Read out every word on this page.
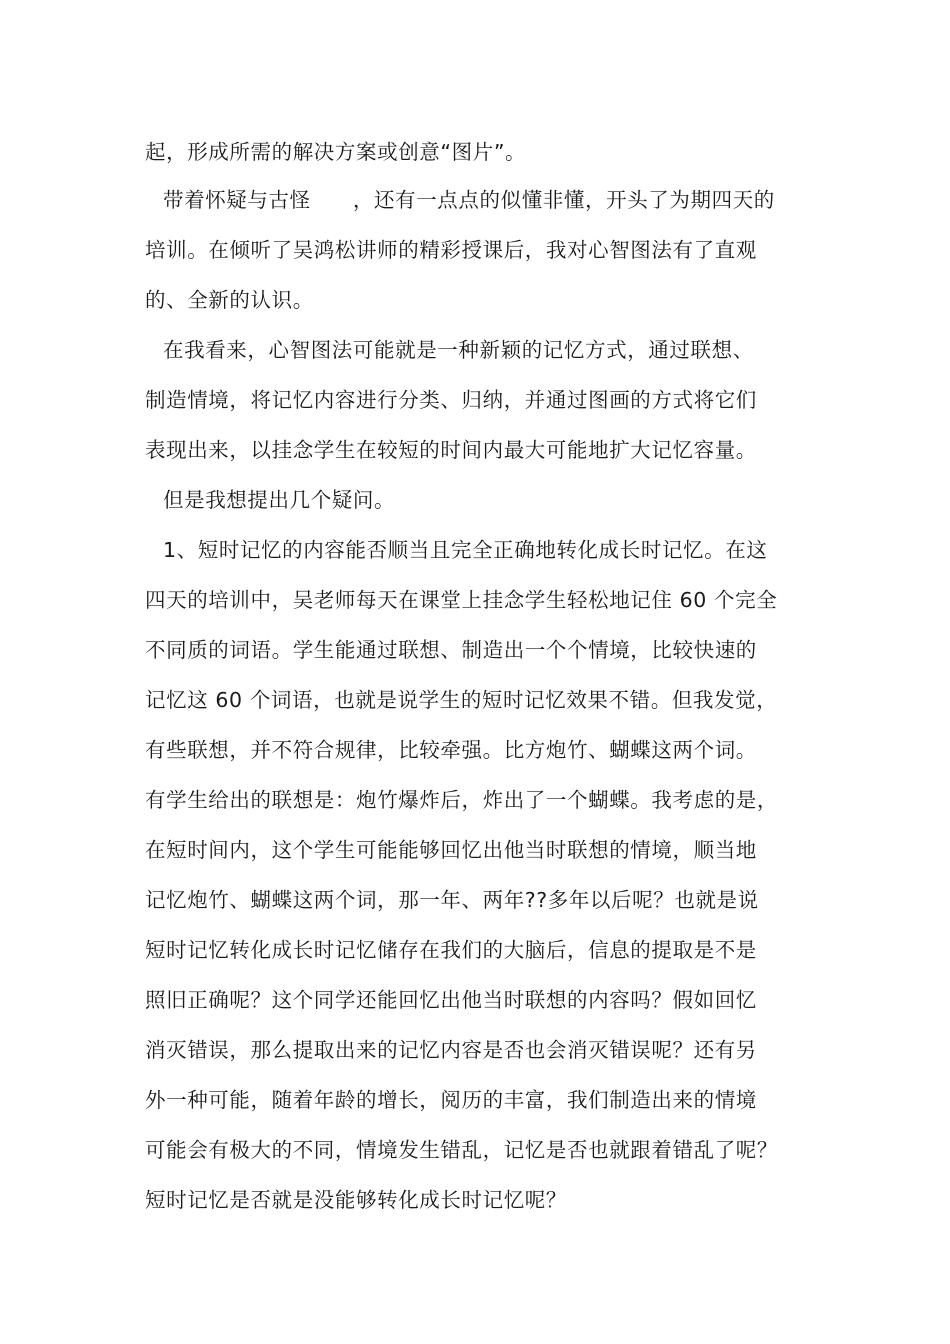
起，形成所需的解决方案或创意“图片”。
带着怀疑与古怪　　，还有一点点的似懂非懂，开头了为期四天的
培训。在倾听了吴鸿松讲师的精彩授课后，我对心智图法有了直观
的、全新的认识。
在我看来，心智图法可能就是一种新颖的记忆方式，通过联想、
制造情境，将记忆内容进行分类、归纳，并通过图画的方式将它们
表现出来，以挂念学生在较短的时间内最大可能地扩大记忆容量。
但是我想提出几个疑问。
1、短时记忆的内容能否顺当且完全正确地转化成长时记忆。在这
四天的培训中，吴老师每天在课堂上挂念学生轻松地记住 60 个完全
不同质的词语。学生能通过联想、制造出一个个情境，比较快速的
记忆这 60 个词语，也就是说学生的短时记忆效果不错。但我发觉，
有些联想，并不符合规律，比较牵强。比方炮竹、蝴蝶这两个词。
有学生给出的联想是：炮竹爆炸后，炸出了一个蝴蝶。我考虑的是，
在短时间内，这个学生可能能够回忆出他当时联想的情境，顺当地
记忆炮竹、蝴蝶这两个词，那一年、两年??多年以后呢？也就是说
短时记忆转化成长时记忆储存在我们的大脑后，信息的提取是不是
照旧正确呢？这个同学还能回忆出他当时联想的内容吗？假如回忆
消灭错误，那么提取出来的记忆内容是否也会消灭错误呢？还有另
外一种可能，随着年龄的增长，阅历的丰富，我们制造出来的情境
可能会有极大的不同，情境发生错乱，记忆是否也就跟着错乱了呢？
短时记忆是否就是没能够转化成长时记忆呢？
